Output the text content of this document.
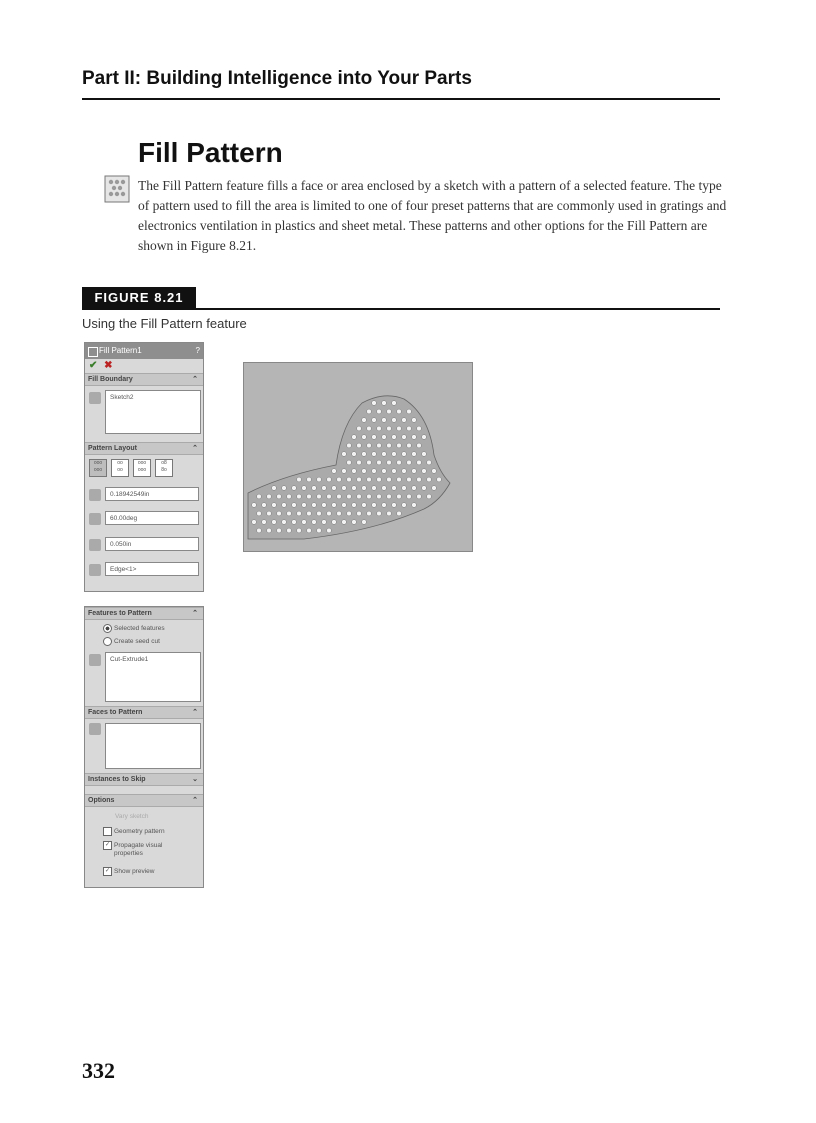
Part II: Building Intelligence into Your Parts
Fill Pattern
The Fill Pattern feature fills a face or area enclosed by a sketch with a pattern of a selected feature. The type of pattern used to fill the area is limited to one of four preset patterns that are commonly used in gratings and electronics ventilation in plastics and sheet metal. These patterns and other options for the Fill Pattern are shown in Figure 8.21.
FIGURE 8.21
Using the Fill Pattern feature
Fill Pattern1	?
✔ ✖
Fill Boundary	⌃
Sketch2
Pattern Layout	⌃
ooo
ooo
oo
oo
ooo
ooo
o8
8o
0.18942549in
60.00deg
0.050in
Edge<1>
Features to Pattern	⌃
Selected features
Create seed cut
Cut-Extrude1
Faces to Pattern	⌃
Instances to Skip	⌄
Options	⌃
Vary sketch
Geometry pattern
✓ Propagate visual
properties
✓ Show preview
332
